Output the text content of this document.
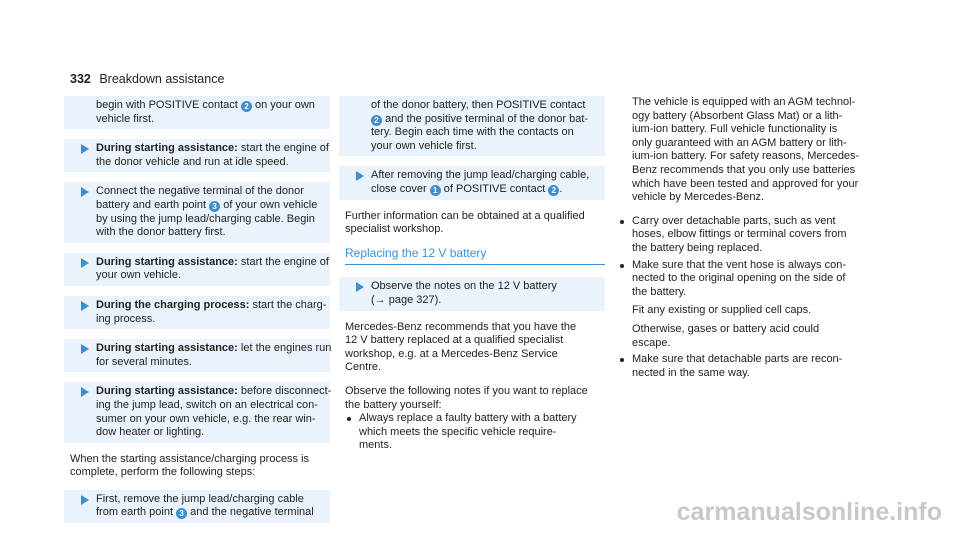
332 Breakdown assistance
begin with POSITIVE contact 2 on your own
vehicle first.
During starting assistance: start the engine of
the donor vehicle and run at idle speed.
Connect the negative terminal of the donor
battery and earth point 3 of your own vehicle
by using the jump lead/charging cable. Begin
with the donor battery first.
During starting assistance: start the engine of
your own vehicle.
During the charging process: start the charg-
ing process.
During starting assistance: let the engines run
for several minutes.
During starting assistance: before disconnect-
ing the jump lead, switch on an electrical con-
sumer on your own vehicle, e.g. the rear win-
dow heater or lighting.
When the starting assistance/charging process is
complete, perform the following steps:
First, remove the jump lead/charging cable
from earth point 3 and the negative terminal
of the donor battery, then POSITIVE contact
2 and the positive terminal of the donor bat-
tery. Begin each time with the contacts on
your own vehicle first.
After removing the jump lead/charging cable,
close cover 1 of POSITIVE contact 2 .
Further information can be obtained at a qualified
specialist workshop.
Replacing the 12 V battery
Observe the notes on the 12 V battery
(→ page 327).
Mercedes-Benz recommends that you have the
12 V battery replaced at a qualified specialist
workshop, e.g. at a Mercedes-Benz Service
Centre.
Observe the following notes if you want to replace
the battery yourself:
Always replace a faulty battery with a battery
which meets the specific vehicle require-
ments.
The vehicle is equipped with an AGM technol-
ogy battery (Absorbent Glass Mat) or a lith-
ium-ion battery. Full vehicle functionality is
only guaranteed with an AGM battery or lith-
ium-ion battery. For safety reasons, Mercedes-
Benz recommends that you only use batteries
which have been tested and approved for your
vehicle by Mercedes-Benz.
Carry over detachable parts, such as vent
hoses, elbow fittings or terminal covers from
the battery being replaced.
Make sure that the vent hose is always con-
nected to the original opening on the side of
the battery.
Fit any existing or supplied cell caps.
Otherwise, gases or battery acid could
escape.
Make sure that detachable parts are recon-
nected in the same way.
carmanualsonline.info
